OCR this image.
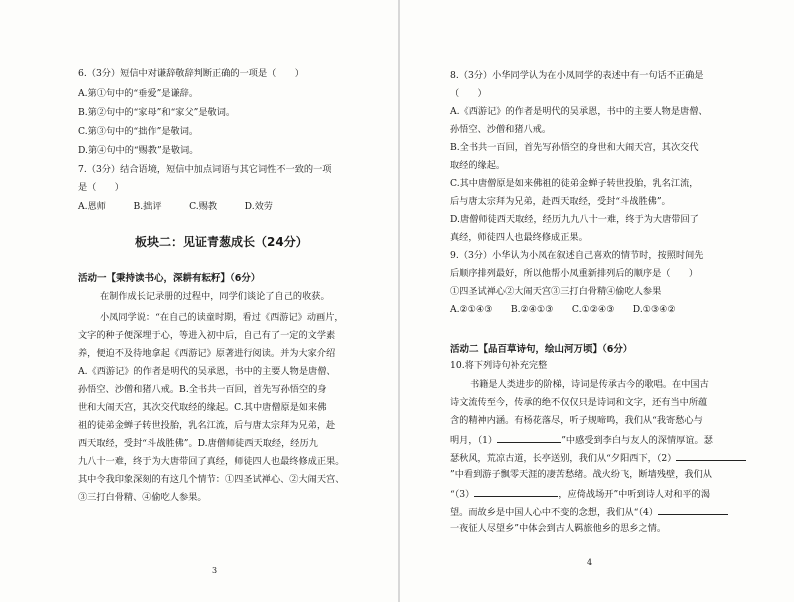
6.（3分）短信中对谦辞敬辞判断正确的一项是（　　）
A.第①句中的“垂爱”是谦辞。
B.第②句中的“家母”和“家父”是敬词。
C.第③句中的“拙作”是敬词。
D.第④句中的“赐教”是敬词。
7.（3分）结合语境，短信中加点词语与其它词性不一致的一项
是（　　）
A.恩师　　　B.拙评　　　C.赐教　　　D.效劳
板块二：见证青葱成长（24分）
活动一【秉持读书心，深耕有耘籽】（6分）
在制作成长记录册的过程中，同学们谈论了自己的收获。
小凤同学说：“在自己的读童时期，看过《西游记》动画片，
文字的种子便深埋于心，等进入初中后，自己有了一定的文学素
养，便迫不及待地拿起《西游记》原著进行阅读。并为大家介绍
A.《西游记》的作者是明代的吴承恩，书中的主要人物是唐僧、
孙悟空、沙僧和猪八戒。B.全书共一百回，首先写孙悟空的身
世和大闹天宫，其次交代取经的缘起。C.其中唐僧原是如来佛
祖的徒弟金蝉子转世投胎，乳名江流，后与唐太宗拜为兄弟，赴
西天取经，受封“斗战胜佛”。D.唐僧师徒西天取经，经历九
九八十一难，终于为大唐带回了真经，师徒四人也最终修成正果。
其中令我印象深刻的有这几个情节：①四圣试禅心、②大闹天宫、
③三打白骨精、④偷吃人参果。
3
8.（3分）小华同学认为在小凤同学的表述中有一句话不正确是
（　　）
A.《西游记》的作者是明代的吴承恩，书中的主要人物是唐僧、
孙悟空、沙僧和猪八戒。
B.全书共一百回，首先写孙悟空的身世和大闹天宫，其次交代
取经的缘起。
C.其中唐僧原是如来佛祖的徒弟金蝉子转世投胎，乳名江流，
后与唐太宗拜为兄弟，赴西天取经，受封“斗战胜佛”。
D.唐僧师徒西天取经，经历九九八十一难，终于为大唐带回了
真经，师徒四人也最终修成正果。
9.（3分）小华认为小凤在叙述自己喜欢的情节时，按照时间先
后顺序排列最好，所以他帮小凤重新排列后的顺序是（　　）
①四圣试禅心②大闹天宫③三打白骨精④偷吃人参果
A.②①④③　　B.②④①③　　C.①②④③　　D.①③④②
活动二【品百草诗句，绘山河万顷】（6分）
10.将下列诗句补充完整
书籍是人类进步的阶梯，诗词是传承古今的歌唱。在中国古
诗文流传至今，传承的绝不仅仅只是诗词和文字，还有当中所蕴
含的精神内涵。有杨花落尽，听子规啼鸣，我们从“我寄愁心与
明月，（1）	”中感受到李白与友人的深情厚谊。瑟
瑟秋风，荒凉古道，长亭送别，我们从“夕阳西下，（2）
”中看到游子飘零天涯的凄苦愁绪。战火纷飞，断墙残壁，我们从
“（3）	，应倚战场开”中听到诗人对和平的渴
望。而故乡是中国人心中不变的念想，我们从“（4）
一夜征人尽望乡”中体会到古人羁旅他乡的思乡之情。
4
